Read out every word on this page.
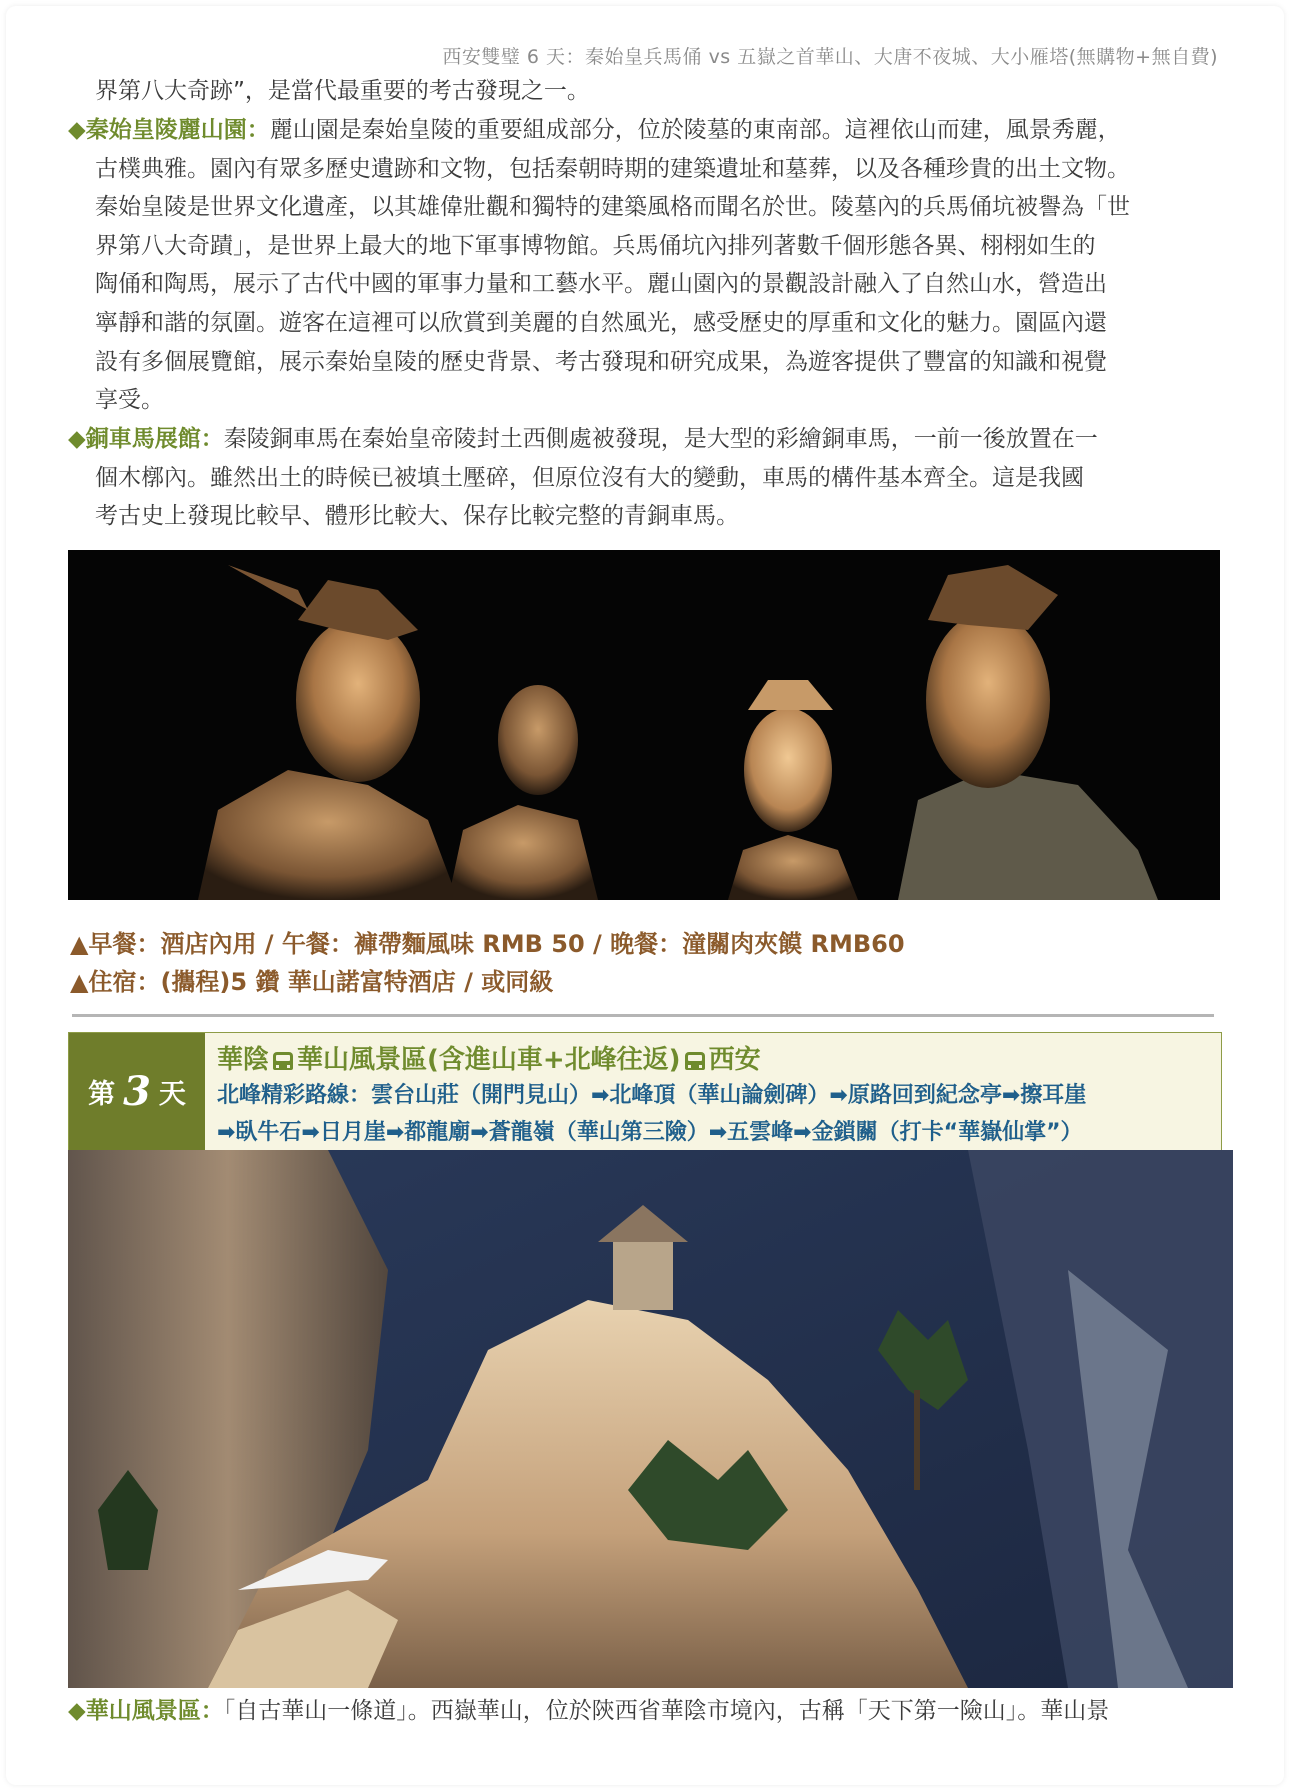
西安雙璧 6 天：秦始皇兵馬俑 vs 五嶽之首華山、大唐不夜城、大小雁塔(無購物+無自費)
界第八大奇跡”，是當代最重要的考古發現之一。
◆秦始皇陵麗山園：麗山園是秦始皇陵的重要組成部分，位於陵墓的東南部。這裡依山而建，風景秀麗，
古樸典雅。園內有眾多歷史遺跡和文物，包括秦朝時期的建築遺址和墓葬，以及各種珍貴的出土文物。
秦始皇陵是世界文化遺產，以其雄偉壯觀和獨特的建築風格而聞名於世。陵墓內的兵馬俑坑被譽為「世
界第八大奇蹟」，是世界上最大的地下軍事博物館。兵馬俑坑內排列著數千個形態各異、栩栩如生的
陶俑和陶馬，展示了古代中國的軍事力量和工藝水平。麗山園內的景觀設計融入了自然山水，營造出
寧靜和諧的氛圍。遊客在這裡可以欣賞到美麗的自然風光，感受歷史的厚重和文化的魅力。園區內還
設有多個展覽館，展示秦始皇陵的歷史背景、考古發現和研究成果，為遊客提供了豐富的知識和視覺
享受。
◆銅車馬展館：秦陵銅車馬在秦始皇帝陵封土西側處被發現，是大型的彩繪銅車馬，一前一後放置在一
個木槨內。雖然出土的時候已被填土壓碎，但原位沒有大的變動，車馬的構件基本齊全。這是我國
考古史上發現比較早、體形比較大、保存比較完整的青銅車馬。
▲早餐：酒店內用 / 午餐：褲帶麵風味 RMB 50 / 晚餐：潼關肉夾饃 RMB60
▲住宿：(攜程)5 鑽 華山諾富特酒店 / 或同級
第 3 天
華陰 華山風景區(含進山車+北峰往返) 西安
北峰精彩路線：雲台山莊（開門見山）➡北峰頂（華山論劍碑）➡原路回到紀念亭➡擦耳崖
➡臥牛石➡日月崖➡都龍廟➡蒼龍嶺（華山第三險）➡五雲峰➡金鎖關（打卡“華嶽仙掌”）
◆華山風景區：「自古華山一條道」。西嶽華山，位於陝西省華陰市境內，古稱「天下第一險山」。華山景
